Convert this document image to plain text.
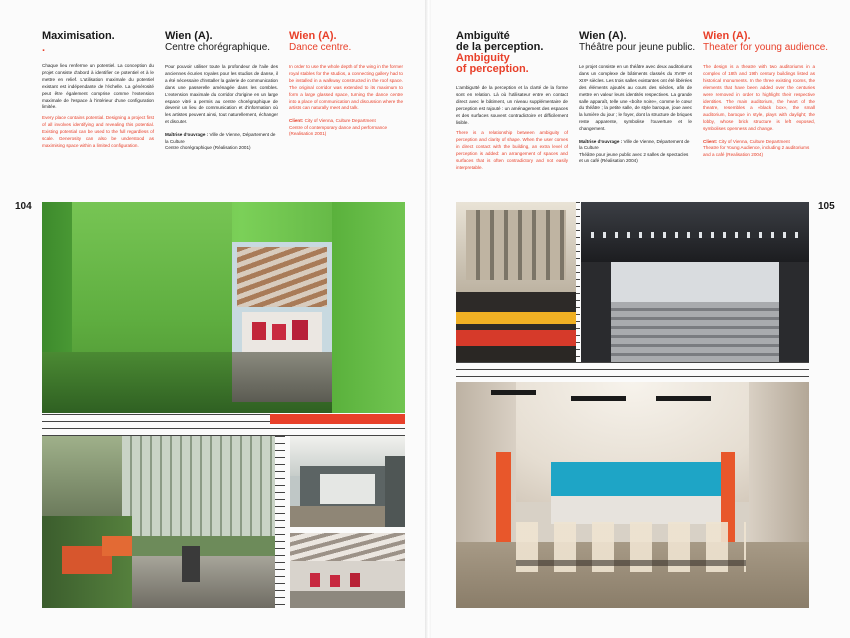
Maximisation.
.

Chaque lieu renferme un potentiel. La conception du projet consiste d'abord à identifier ce potentiel et à le mettre en relief. L'utilisation maximale du potentiel existant est indépendante de l'échelle. La générosité peut être également comprise comme l'extension maximale de l'espace à l'intérieur d'une configuration limitée.

Every place contains potential. Designing a project first of all involves identifying and revealing this potential. Existing potential can be used to the full regardless of scale. Generosity can also be understood as maximising space within a limited configuration.

Wien (A).
Centre chorégraphique.
Pour pouvoir utiliser toute la profondeur de l'aile des anciennes écuries royales pour les studios de danse, il a été nécessaire d'installer la galerie de communication dans une passerelle aménagée dans les combles. L'extension maximale du corridor d'origine en un large espace vitré a permis au centre chorégraphique de devenir un lieu de communication et d'information où les artistes peuvent ainsi, tout naturellement, échanger et discuter.
Maîtrise d'ouvrage : Ville de Vienne, Département de la Culture
Centre chorégraphique (Réalisation 2001)
Wien (A).
Dance centre.
In order to use the whole depth of the wing in the former royal stables for the studios, a connecting gallery had to be installed in a walkway constructed in the roof space. The original corridor was extended to its maximum to form a large glassed space, turning the dance centre into a place of communication and discussion where the artists can naturally meet and talk.
Client: City of Vienna, Culture Department
Centre of contemporary dance and performance (Realisation 2001)
104
Ambiguïté
de la perception.
Ambiguity
of perception.

L'ambiguïté de la perception et la clarté de la forme sont en relation. Là où l'utilisateur entre en contact direct avec le bâtiment, un niveau supplémentaire de perception est rajouté : un aménagement des espaces et des surfaces souvent contradictoire et difficilement lisible.

There is a relationship between ambiguity of perception and clarity of shape. When the user comes in direct contact with the building, an extra level of perception is added: an arrangement of spaces and surfaces that is often contradictory and not easily interpretable.

Wien (A).
Théâtre pour jeune public.
Le projet consiste en un théâtre avec deux auditoriums dans un complexe de bâtiments classés du XVIIIᵉ et XIXᵉ siècles. Les trois salles existantes ont été libérées des éléments ajoutés au cours des siècles, afin de mettre en valeur leurs identités respectives. La grande salle apparaît, telle une «boîte noire», comme le cœur du théâtre ; la petite salle, de style baroque, joue avec la lumière du jour ; le foyer, dont la structure de briques reste apparente, symbolise l'ouverture et le changement.
Maîtrise d'ouvrage : Ville de Vienne, Département de la Culture
Théâtre pour jeune public avec 2 salles de spectacles et un café (Réalisation 2004)
Wien (A).
Theater for young audience.
The design is a theatre with two auditoriums in a complex of 18th and 19th century buildings listed as historical monuments. In the three existing rooms, the elements that have been added over the centuries were removed in order to highlight their respective identities. The main auditorium, the heart of the theatre, resembles a «black box», the small auditorium, baroque in style, plays with daylight; the lobby, whose brick structure is left exposed, symbolises openness and change.
Client: City of Vienna, Culture Department
Theatre for Young Audience, including 2 auditoriums and a café (Realisation 2004)
105
